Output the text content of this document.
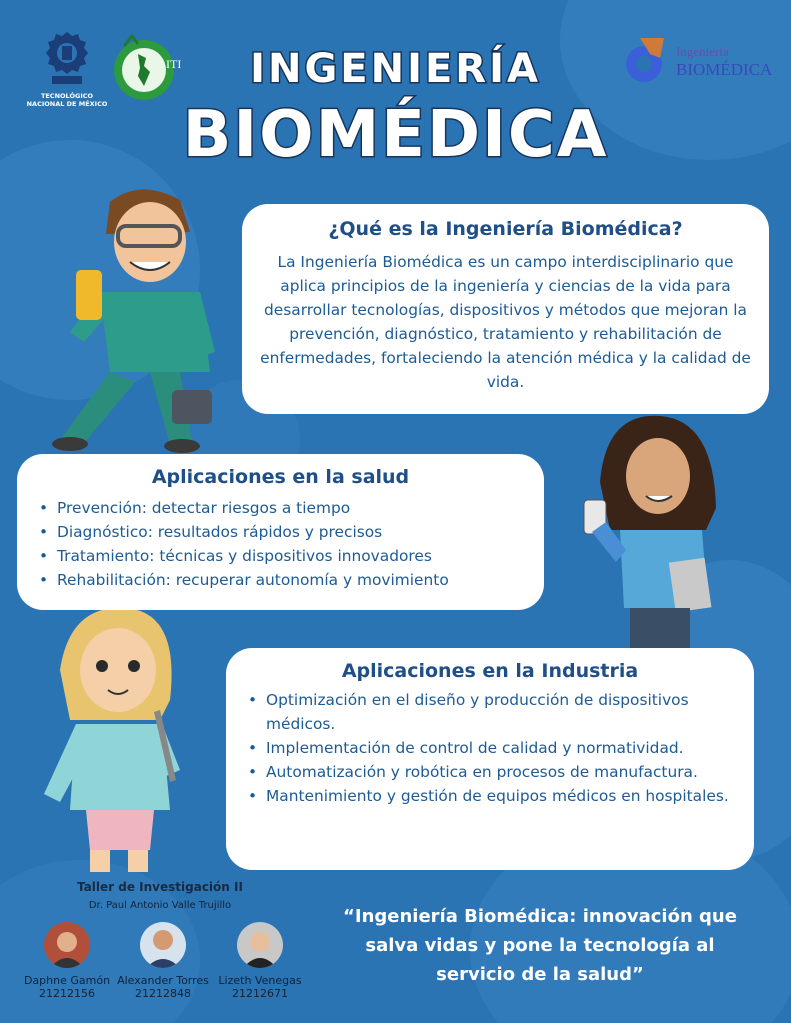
TECNOLÓGICO NACIONAL DE MÉXICO
ITI
Ingeniería
BIOMÉDICA
INGENIERÍA
BIOMÉDICA
¿Qué es la Ingeniería Biomédica?

La Ingeniería Biomédica es un campo interdisciplinario que aplica principios de la ingeniería y ciencias de la vida para desarrollar tecnologías, dispositivos y métodos que mejoran la prevención, diagnóstico, tratamiento y rehabilitación de enfermedades, fortaleciendo la atención médica y la calidad de vida.

Aplicaciones en la salud
• Prevención: detectar riesgos a tiempo
• Diagnóstico: resultados rápidos y precisos
• Tratamiento: técnicas y dispositivos innovadores
• Rehabilitación: recuperar autonomía y movimiento
Aplicaciones en la Industria
• Optimización en el diseño y producción de dispositivos médicos.
• Implementación de control de calidad y normatividad.
• Automatización y robótica en procesos de manufactura.
• Mantenimiento y gestión de equipos médicos en hospitales.
Taller de Investigación II
Dr. Paul Antonio Valle Trujillo
Daphne Gamón
21212156
Alexander Torres
21212848
Lizeth Venegas
21212671
“Ingeniería Biomédica: innovación que salva vidas y pone la tecnología al servicio de la salud”
